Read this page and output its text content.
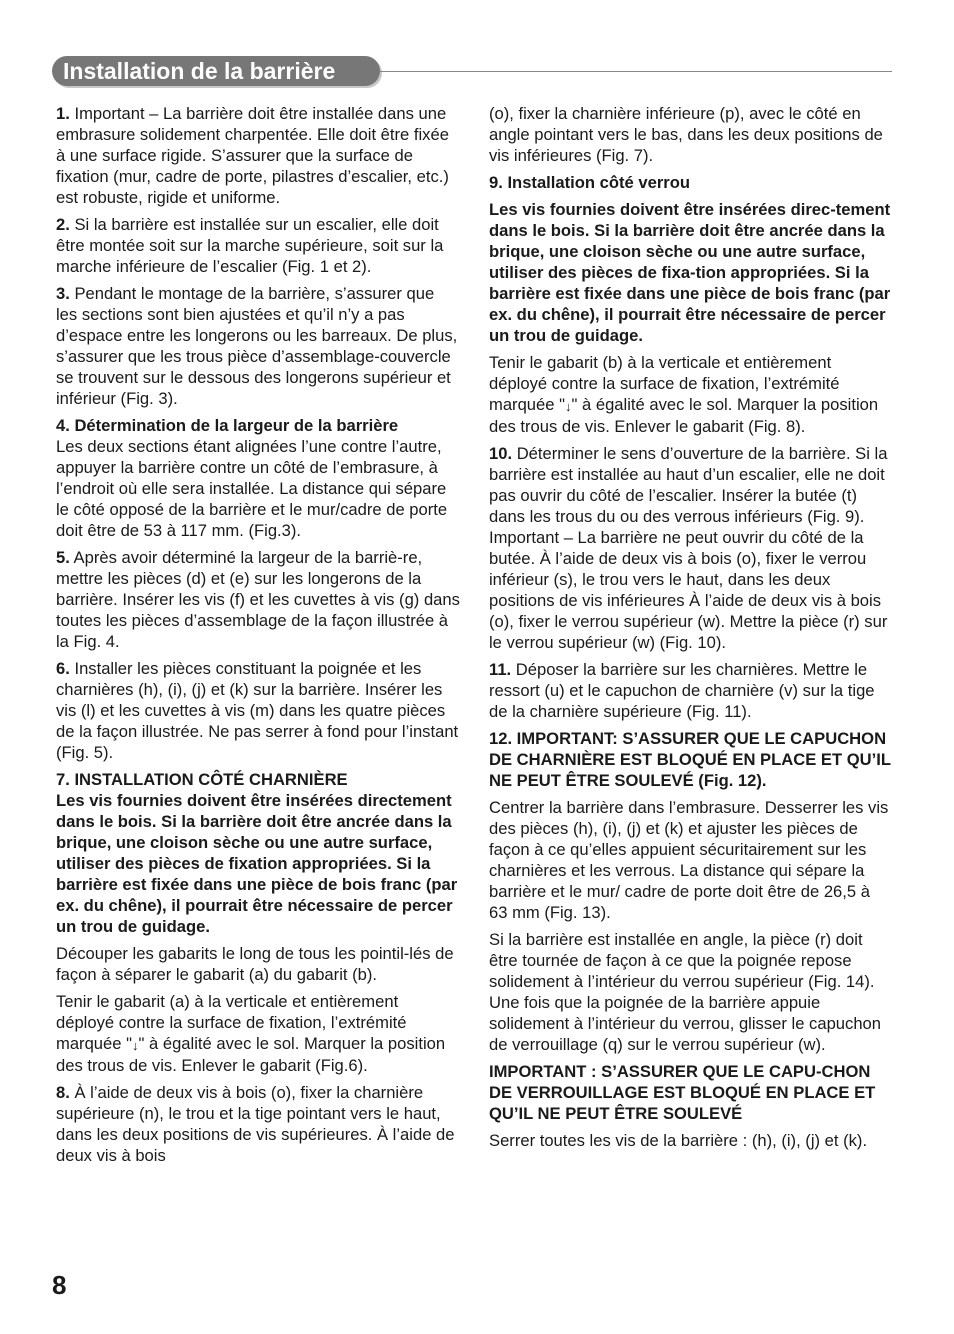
Installation de la barrière

1. Important – La barrière doit être installée dans une embrasure solidement charpentée. Elle doit être fixée à une surface rigide. S’assurer que la surface de fixation (mur, cadre de porte, pilastres d’escalier, etc.) est robuste, rigide et uniforme.

2. Si la barrière est installée sur un escalier, elle doit être montée soit sur la marche supérieure, soit sur la marche inférieure de l’escalier (Fig. 1 et 2).

3. Pendant le montage de la barrière, s’assurer que les sections sont bien ajustées et qu’il n’y a pas d’espace entre les longerons ou les barreaux. De plus, s’assurer que les trous pièce d’assemblage-couvercle se trouvent sur le dessous des longerons supérieur et inférieur (Fig. 3).

4. Détermination de la largeur de la barrière
Les deux sections étant alignées l’une contre l’autre, appuyer la barrière contre un côté de l’embrasure, à l’endroit où elle sera installée. La distance qui sépare le côté opposé de la barrière et le mur/cadre de porte doit être de 53 à 117 mm. (Fig.3).

5. Après avoir déterminé la largeur de la barriè-re, mettre les pièces (d) et (e) sur les longerons de la barrière. Insérer les vis (f) et les cuvettes à vis (g) dans toutes les pièces d’assemblage de la façon illustrée à la Fig. 4.

6. Installer les pièces constituant la poignée et les charnières (h), (i), (j) et (k) sur la barrière. Insérer les vis (l) et les cuvettes à vis (m) dans les quatre pièces de la façon illustrée. Ne pas serrer à fond pour l’instant (Fig. 5).

7. INSTALLATION CÔTÉ CHARNIÈRE
Les vis fournies doivent être insérées directement dans le bois. Si la barrière doit être ancrée dans la brique, une cloison sèche ou une autre surface, utiliser des pièces de fixation appropriées. Si la barrière est fixée dans une pièce de bois franc (par ex. du chêne), il pourrait être nécessaire de percer un trou de guidage.

Découper les gabarits le long de tous les pointil-lés de façon à séparer le gabarit (a) du gabarit (b).

Tenir le gabarit (a) à la verticale et entièrement déployé contre la surface de fixation, l’extrémité marquée "↓" à égalité avec le sol. Marquer la position des trous de vis. Enlever le gabarit (Fig.6).

8. À l’aide de deux vis à bois (o), fixer la charnière supérieure (n), le trou et la tige pointant vers le haut, dans les deux positions de vis supérieures. À l’aide de deux vis à bois

(o), fixer la charnière inférieure (p), avec le côté en angle pointant vers le bas, dans les deux positions de vis inférieures (Fig. 7).

9. Installation côté verrou

Les vis fournies doivent être insérées direc-tement dans le bois. Si la barrière doit être ancrée dans la brique, une cloison sèche ou une autre surface, utiliser des pièces de fixa-tion appropriées. Si la barrière est fixée dans une pièce de bois franc (par ex. du chêne), il pourrait être nécessaire de percer un trou de guidage.

Tenir le gabarit (b) à la verticale et entièrement déployé contre la surface de fixation, l’extrémité marquée "↓" à égalité avec le sol. Marquer la position des trous de vis. Enlever le gabarit (Fig. 8).

10. Déterminer le sens d’ouverture de la barrière. Si la barrière est installée au haut d’un escalier, elle ne doit pas ouvrir du côté de l’escalier. Insérer la butée (t) dans les trous du ou des verrous inférieurs (Fig. 9). Important – La barrière ne peut ouvrir du côté de la butée. À l’aide de deux vis à bois (o), fixer le verrou inférieur (s), le trou vers le haut, dans les deux positions de vis inférieures À l’aide de deux vis à bois (o), fixer le verrou supérieur (w). Mettre la pièce (r) sur le verrou supérieur (w) (Fig. 10).

11. Déposer la barrière sur les charnières. Mettre le ressort (u) et le capuchon de charnière (v) sur la tige de la charnière supérieure (Fig. 11).

12. IMPORTANT: S’ASSURER QUE LE CAPUCHON DE CHARNIÈRE EST BLOQUÉ EN PLACE ET QU’IL NE PEUT ÊTRE SOULEVÉ (Fig. 12).

Centrer la barrière dans l’embrasure. Desserrer les vis des pièces (h), (i), (j) et (k) et ajuster les pièces de façon à ce qu’elles appuient sécuritairement sur les charnières et les verrous. La distance qui sépare la barrière et le mur/ cadre de porte doit être de 26,5 à 63 mm (Fig. 13).

Si la barrière est installée en angle, la pièce (r) doit être tournée de façon à ce que la poignée repose solidement à l’intérieur du verrou supérieur (Fig. 14). Une fois que la poignée de la barrière appuie solidement à l’intérieur du verrou, glisser le capuchon de verrouillage (q) sur le verrou supérieur (w).

IMPORTANT : S’ASSURER QUE LE CAPU-CHON DE VERROUILLAGE EST BLOQUÉ EN PLACE ET QU’IL NE PEUT ÊTRE SOULEVÉ

Serrer toutes les vis de la barrière : (h), (i), (j) et (k).

8
